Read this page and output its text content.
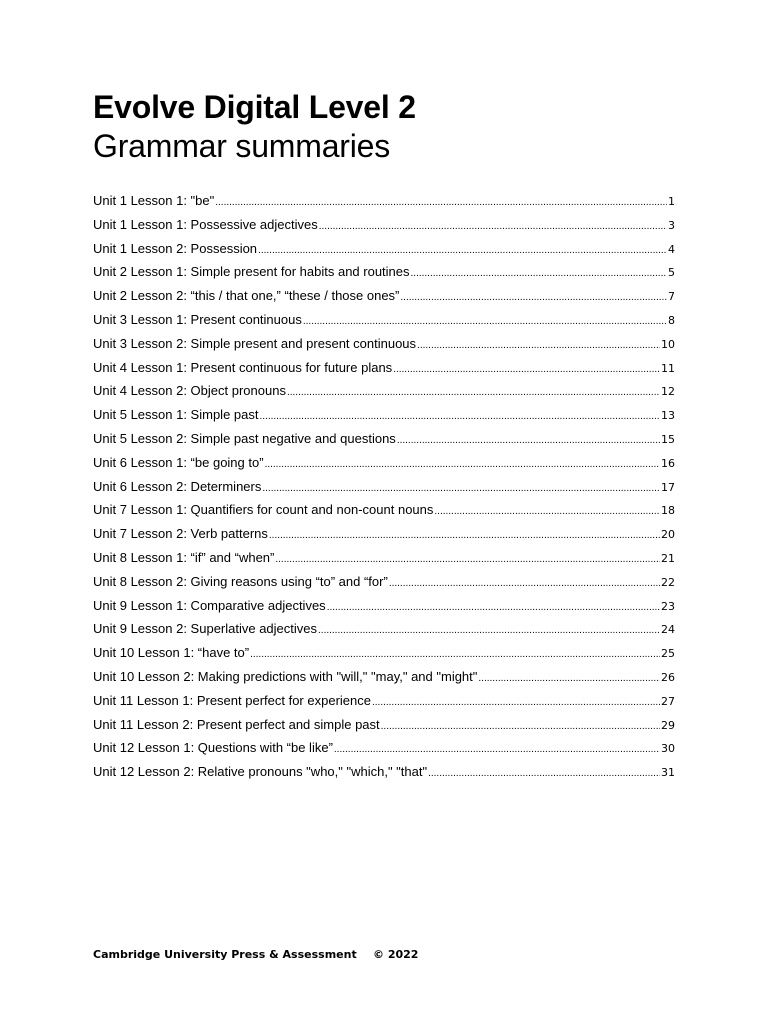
Evolve Digital Level 2
Grammar summaries
Unit 1 Lesson 1: "be" .....	1
Unit 1 Lesson 1: Possessive adjectives .....	3
Unit 1 Lesson 2: Possession .....	4
Unit 2 Lesson 1: Simple present for habits and routines .....	5
Unit 2 Lesson 2: “this / that one,” “these / those ones” .....	7
Unit 3 Lesson 1: Present continuous .....	8
Unit 3 Lesson 2: Simple present and present continuous .....	10
Unit 4 Lesson 1: Present continuous for future plans .....	11
Unit 4 Lesson 2: Object pronouns .....	12
Unit 5 Lesson 1: Simple past .....	13
Unit 5 Lesson 2: Simple past negative and questions .....	15
Unit 6 Lesson 1: “be going to” .....	16
Unit 6 Lesson 2: Determiners .....	17
Unit 7 Lesson 1: Quantifiers for count and non-count nouns .....	18
Unit 7 Lesson 2: Verb patterns .....	20
Unit 8 Lesson 1: “if” and “when” .....	21
Unit 8 Lesson 2: Giving reasons using “to” and “for” .....	22
Unit 9 Lesson 1: Comparative adjectives .....	23
Unit 9 Lesson 2: Superlative adjectives .....	24
Unit 10 Lesson 1: “have to” .....	25
Unit 10 Lesson 2: Making predictions with "will," "may," and "might" .....	26
Unit 11 Lesson 1: Present perfect for experience .....	27
Unit 11 Lesson 2: Present perfect and simple past .....	29
Unit 12 Lesson 1: Questions with “be like” .....	30
Unit 12 Lesson 2: Relative pronouns "who," "which," "that" .....	31
Cambridge University Press & Assessment © 2022
